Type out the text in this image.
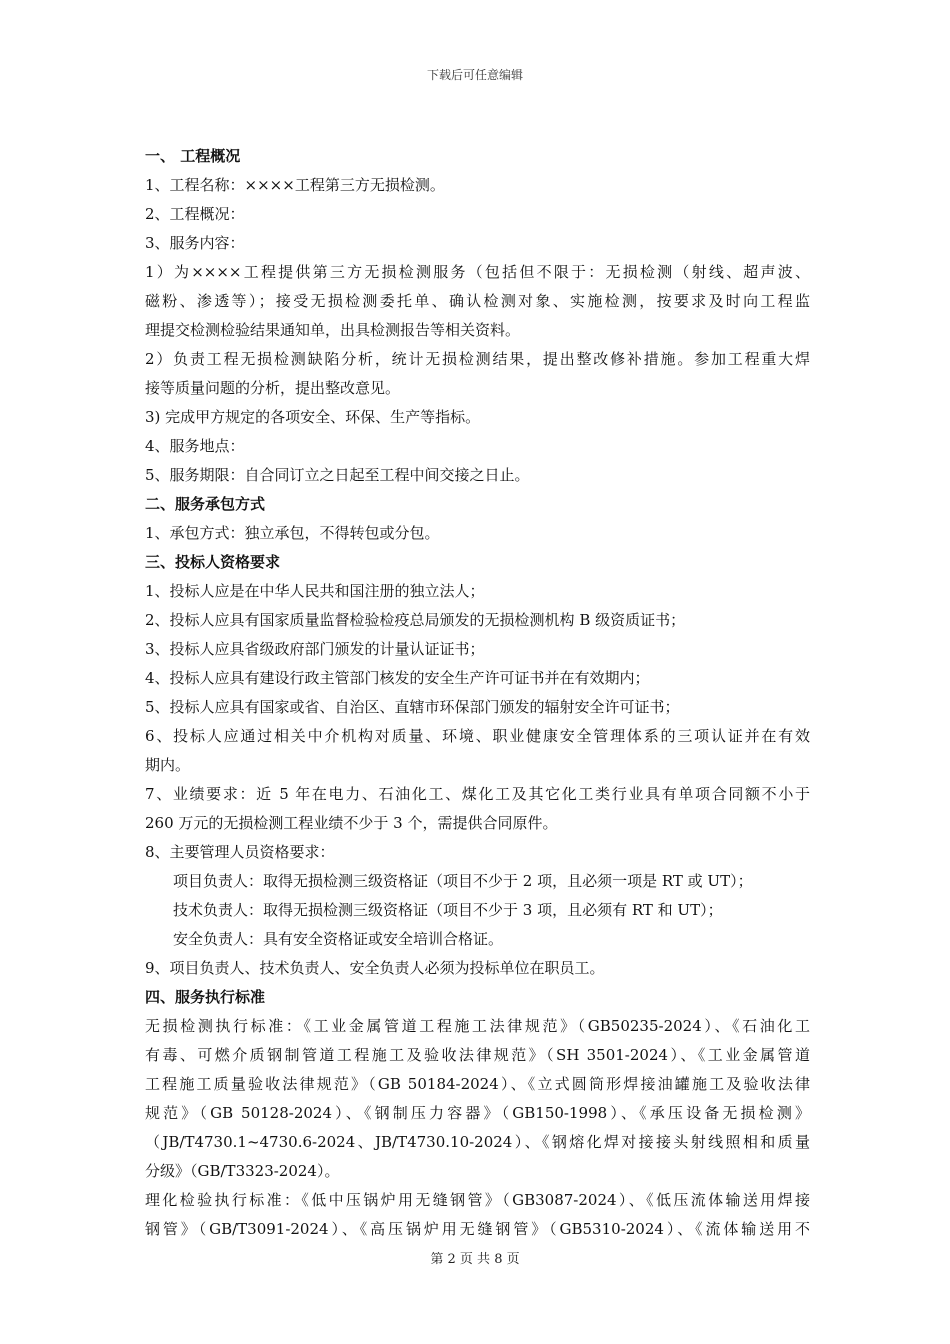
下载后可任意编辑
一、 工程概况
1、工程名称：××××工程第三方无损检测。
2、工程概况：
3、服务内容：
1）为××××工程提供第三方无损检测服务（包括但不限于：无损检测（射线、超声波、
磁粉、渗透等）；接受无损检测委托单、确认检测对象、实施检测，按要求及时向工程监
理提交检测检验结果通知单，出具检测报告等相关资料。
2）负责工程无损检测缺陷分析，统计无损检测结果，提出整改修补措施。参加工程重大焊
接等质量问题的分析，提出整改意见。
3) 完成甲方规定的各项安全、环保、生产等指标。
4、服务地点：
5、服务期限：自合同订立之日起至工程中间交接之日止。
二、服务承包方式
1、承包方式：独立承包，不得转包或分包。
三、投标人资格要求
1、投标人应是在中华人民共和国注册的独立法人；
2、投标人应具有国家质量监督检验检疫总局颁发的无损检测机构 B 级资质证书；
3、投标人应具省级政府部门颁发的计量认证证书；
4、投标人应具有建设行政主管部门核发的安全生产许可证书并在有效期内；
5、投标人应具有国家或省、自治区、直辖市环保部门颁发的辐射安全许可证书；
6、投标人应通过相关中介机构对质量、环境、职业健康安全管理体系的三项认证并在有效
期内。
7、业绩要求：近 5 年在电力、石油化工、煤化工及其它化工类行业具有单项合同额不小于
260 万元的无损检测工程业绩不少于 3 个，需提供合同原件。
8、主要管理人员资格要求：
项目负责人：取得无损检测三级资格证（项目不少于 2 项，且必须一项是 RT 或 UT）；
技术负责人：取得无损检测三级资格证（项目不少于 3 项，且必须有 RT 和 UT）；
安全负责人：具有安全资格证或安全培训合格证。
9、项目负责人、技术负责人、安全负责人必须为投标单位在职员工。
四、服务执行标准
无损检测执行标准：《工业金属管道工程施工法律规范》（GB50235-2024）、《石油化工
有毒、可燃介质钢制管道工程施工及验收法律规范》（SH 3501-2024）、《工业金属管道
工程施工质量验收法律规范》（GB 50184-2024）、《立式圆筒形焊接油罐施工及验收法律
规范》（GB 50128-2024）、《钢制压力容器》（GB150-1998）、《承压设备无损检测》
（JB/T4730.1~4730.6-2024、JB/T4730.10-2024）、《钢熔化焊对接接头射线照相和质量
分级》（GB/T3323-2024）。
理化检验执行标准：《低中压锅炉用无缝钢管》（GB3087-2024）、《低压流体输送用焊接
钢管》（GB/T3091-2024）、《高压锅炉用无缝钢管》（GB5310-2024）、《流体输送用不
第 2 页 共 8 页
